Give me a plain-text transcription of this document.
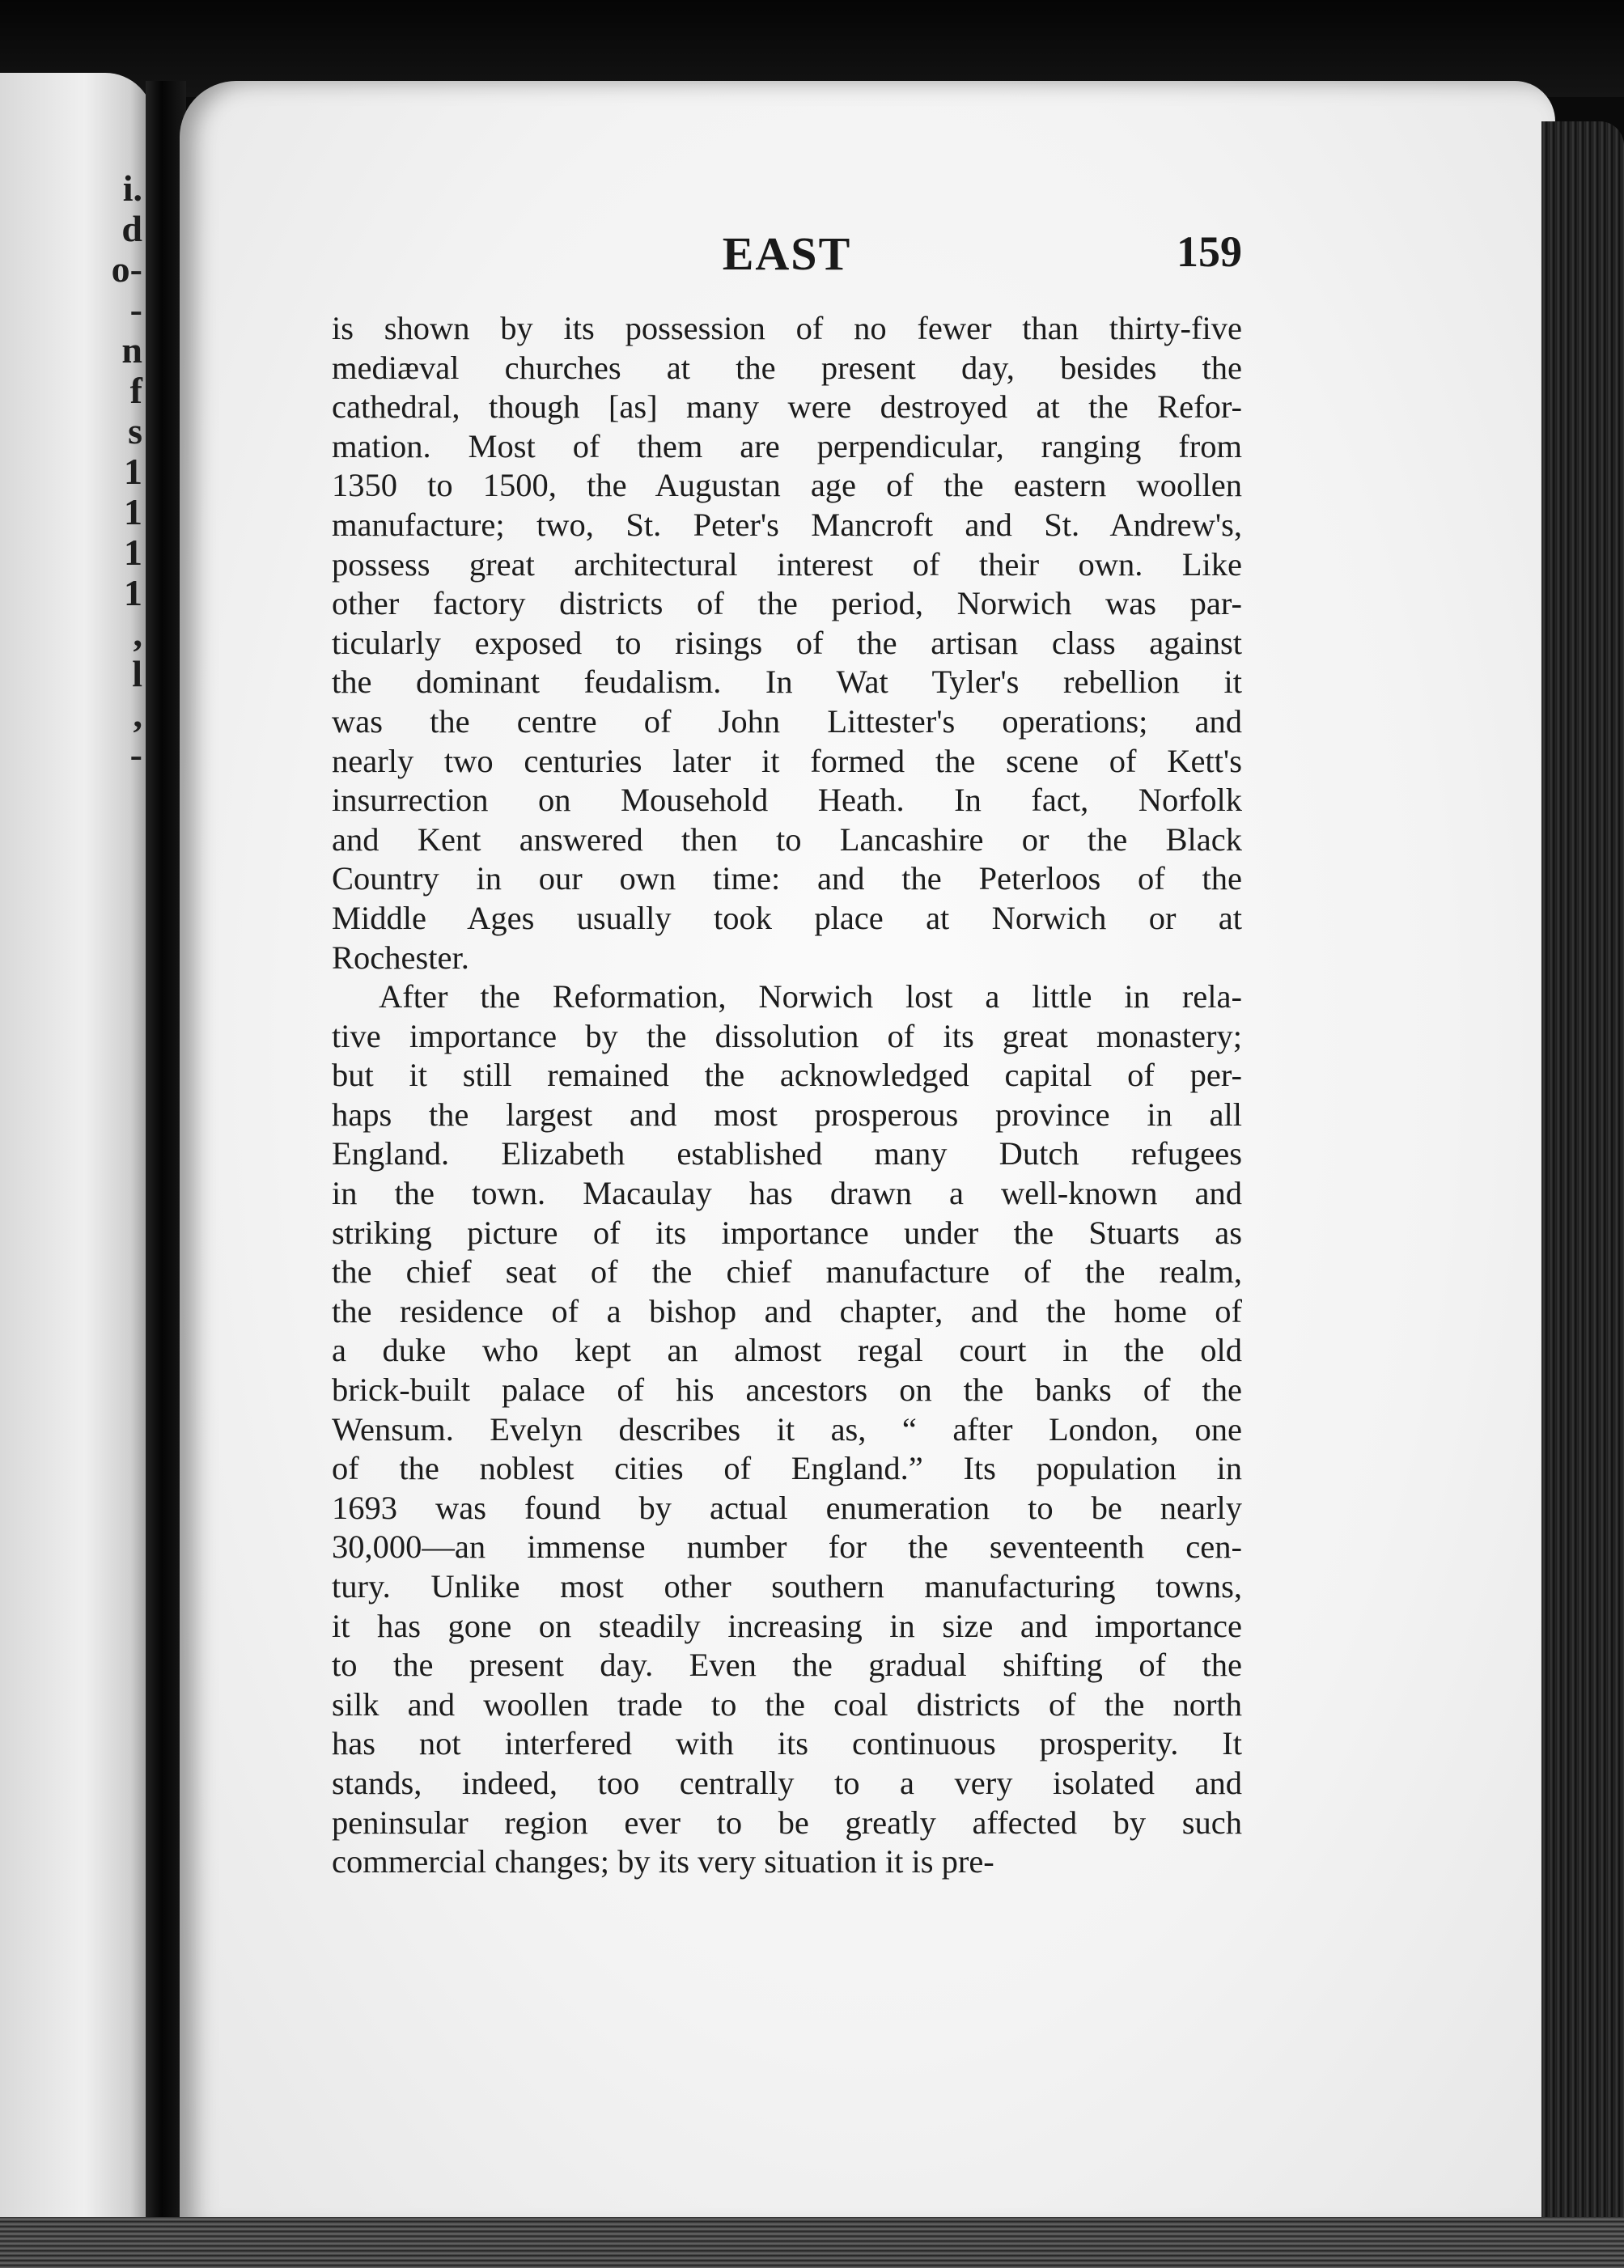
i.
d
o-
-
n
f
s
1
1
1
1
,
l
,
-
EAST	159
is shown by its possession of no fewer than thirty-five
mediæval churches at the present day, besides the
cathedral, though [as] many were destroyed at the Refor-
mation. Most of them are perpendicular, ranging from
1350 to 1500, the Augustan age of the eastern woollen
manufacture; two, St. Peter's Mancroft and St. Andrew's,
possess great architectural interest of their own. Like
other factory districts of the period, Norwich was par-
ticularly exposed to risings of the artisan class against
the dominant feudalism. In Wat Tyler's rebellion it
was the centre of John Littester's operations; and
nearly two centuries later it formed the scene of Kett's
insurrection on Mousehold Heath. In fact, Norfolk
and Kent answered then to Lancashire or the Black
Country in our own time: and the Peterloos of the
Middle Ages usually took place at Norwich or at
Rochester.
After the Reformation, Norwich lost a little in rela-
tive importance by the dissolution of its great monastery;
but it still remained the acknowledged capital of per-
haps the largest and most prosperous province in all
England. Elizabeth established many Dutch refugees
in the town. Macaulay has drawn a well-known and
striking picture of its importance under the Stuarts as
the chief seat of the chief manufacture of the realm,
the residence of a bishop and chapter, and the home of
a duke who kept an almost regal court in the old
brick-built palace of his ancestors on the banks of the
Wensum. Evelyn describes it as, “ after London, one
of the noblest cities of England.” Its population in
1693 was found by actual enumeration to be nearly
30,000—an immense number for the seventeenth cen-
tury. Unlike most other southern manufacturing towns,
it has gone on steadily increasing in size and importance
to the present day. Even the gradual shifting of the
silk and woollen trade to the coal districts of the north
has not interfered with its continuous prosperity. It
stands, indeed, too centrally to a very isolated and
peninsular region ever to be greatly affected by such
commercial changes; by its very situation it is pre-
